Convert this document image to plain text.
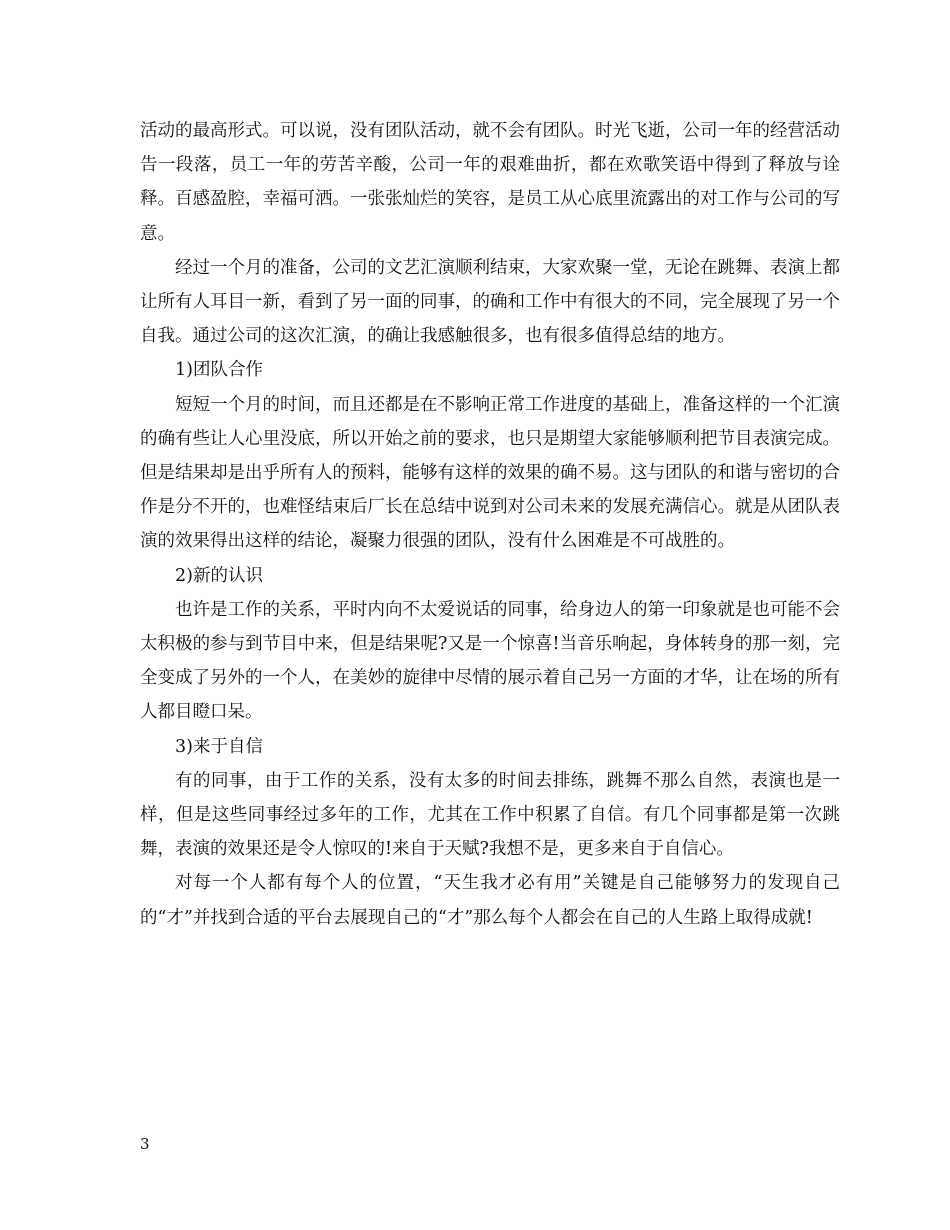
活动的最高形式。可以说，没有团队活动，就不会有团队。时光飞逝，公司一年的经营活动告一段落，员工一年的劳苦辛酸，公司一年的艰难曲折，都在欢歌笑语中得到了释放与诠释。百感盈腔，幸福可洒。一张张灿烂的笑容，是员工从心底里流露出的对工作与公司的写意。

经过一个月的准备，公司的文艺汇演顺利结束，大家欢聚一堂，无论在跳舞、表演上都让所有人耳目一新，看到了另一面的同事，的确和工作中有很大的不同，完全展现了另一个自我。通过公司的这次汇演，的确让我感触很多，也有很多值得总结的地方。

1)团队合作

短短一个月的时间，而且还都是在不影响正常工作进度的基础上，准备这样的一个汇演的确有些让人心里没底，所以开始之前的要求，也只是期望大家能够顺利把节目表演完成。但是结果却是出乎所有人的预料，能够有这样的效果的确不易。这与团队的和谐与密切的合作是分不开的，也难怪结束后厂长在总结中说到对公司未来的发展充满信心。就是从团队表演的效果得出这样的结论，凝聚力很强的团队，没有什么困难是不可战胜的。

2)新的认识

也许是工作的关系，平时内向不太爱说话的同事，给身边人的第一印象就是也可能不会太积极的参与到节目中来，但是结果呢?又是一个惊喜!当音乐响起，身体转身的那一刻，完全变成了另外的一个人，在美妙的旋律中尽情的展示着自己另一方面的才华，让在场的所有人都目瞪口呆。

3)来于自信

有的同事，由于工作的关系，没有太多的时间去排练，跳舞不那么自然，表演也是一样，但是这些同事经过多年的工作，尤其在工作中积累了自信。有几个同事都是第一次跳舞，表演的效果还是令人惊叹的!来自于天赋?我想不是，更多来自于自信心。

对每一个人都有每个人的位置，“天生我才必有用”关键是自己能够努力的发现自己的“才”并找到合适的平台去展现自己的“才”那么每个人都会在自己的人生路上取得成就!

3
